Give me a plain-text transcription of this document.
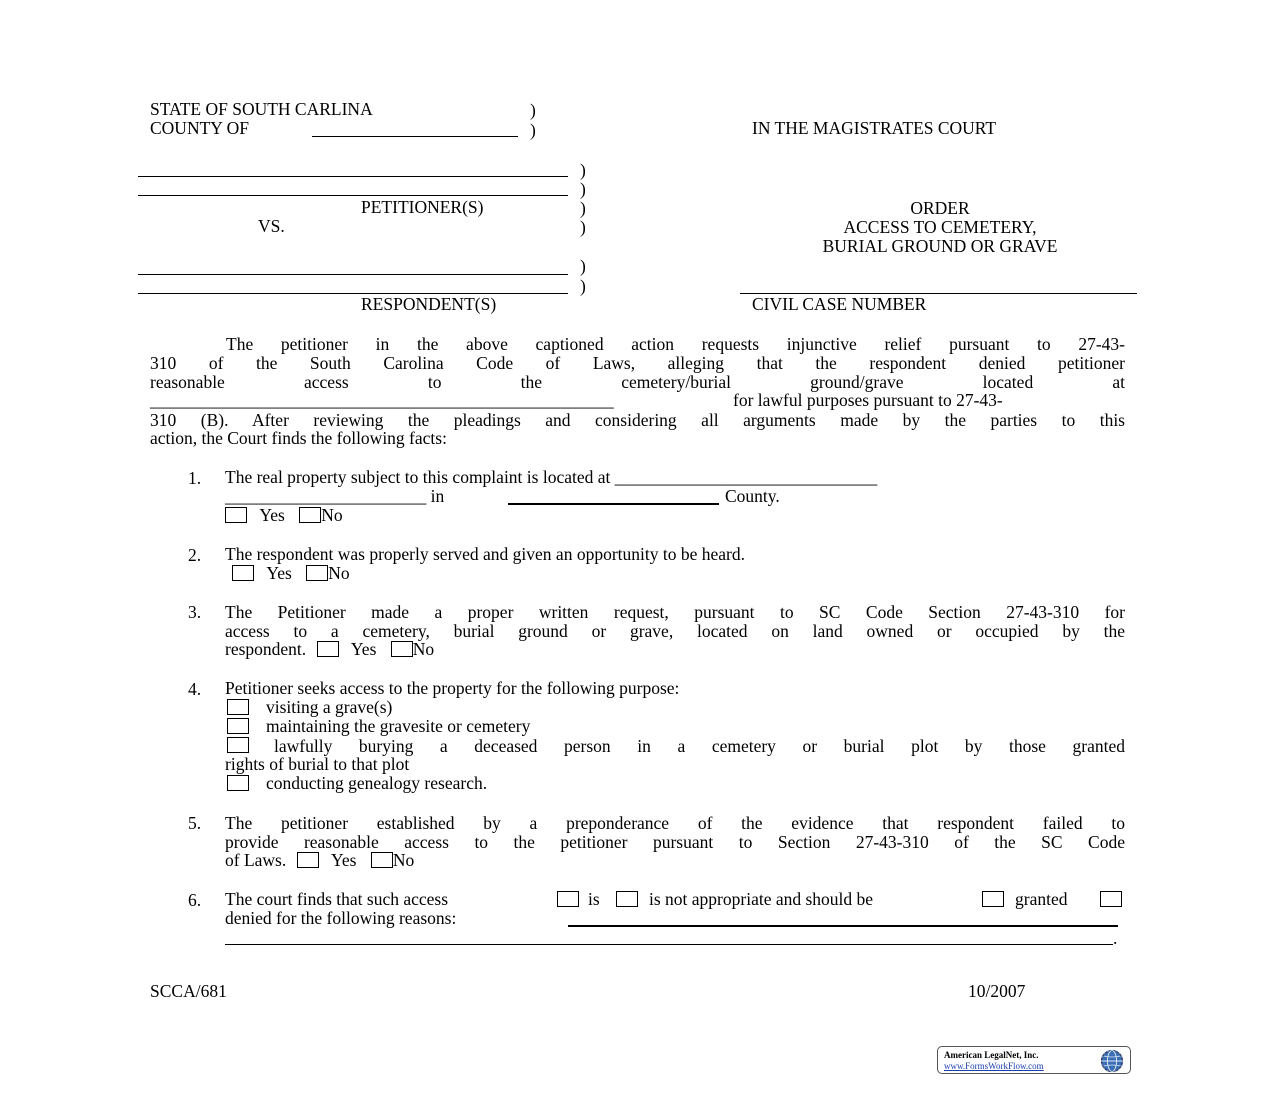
STATE OF SOUTH CARLINA	)
COUNTY OF	)	IN THE MAGISTRATES COURT
)
)
PETITIONER(S)	)
VS.	)
ORDER
ACCESS TO CEMETERY,
BURIAL GROUND OR GRAVE
)
)
RESPONDENT(S)	CIVIL CASE NUMBER
The petitioner in the above captioned action requests injunctive relief pursuant to 27-43-
310 of the South Carolina Code of Laws, alleging that the respondent denied petitioner
reasonable access to the cemetery/burial ground/grave located at
_____________________________________________________	for lawful purposes pursuant to 27-43-
310 (B). After reviewing the pleadings and considering all arguments made by the parties to this
action, the Court finds the following facts:
1. The real property subject to this complaint is located at ______________________________
_______________________ in	County.
Yes No
2. The respondent was properly served and given an opportunity to be heard.
Yes No
3. The Petitioner made a proper written request, pursuant to SC Code Section 27-43-310 for
access to a cemetery, burial ground or grave, located on land owned or occupied by the
respondent.	Yes No
4. Petitioner seeks access to the property for the following purpose:
visiting a grave(s)
maintaining the gravesite or cemetery
lawfully burying a deceased person in a cemetery or burial plot by those granted
rights of burial to that plot
conducting genealogy research.
5. The petitioner established by a preponderance of the evidence that respondent failed to
provide reasonable access to the petitioner pursuant to Section 27-43-310 of the SC Code
of Laws.	Yes No
6. The court finds that such access	is	is not appropriate and should be	granted
denied for the following reasons:
.
SCCA/681	10/2007
American LegalNet, Inc.
www.FormsWorkFlow.com
